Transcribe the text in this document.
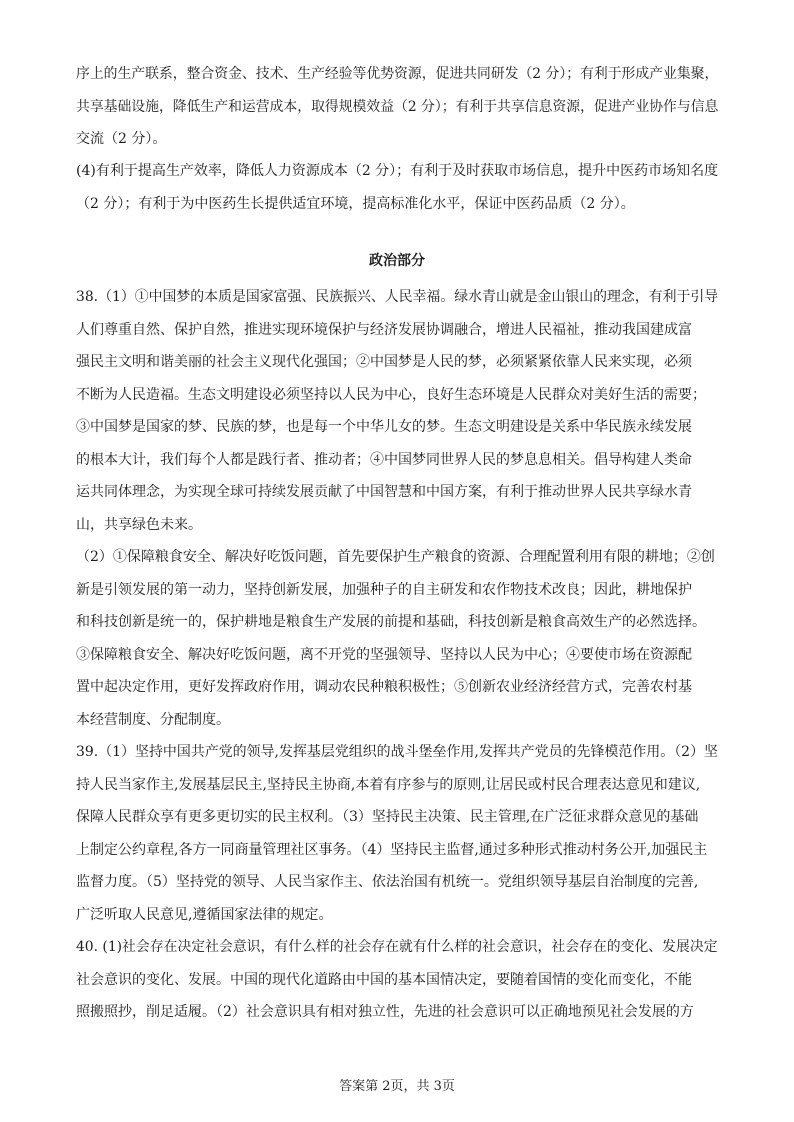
序上的生产联系，整合资金、技术、生产经验等优势资源，促进共同研发（2 分）；有利于形成产业集聚，
共享基础设施，降低生产和运营成本，取得规模效益（2 分）；有利于共享信息资源，促进产业协作与信息
交流（2 分）。
(4)有利于提高生产效率，降低人力资源成本（2 分）；有利于及时获取市场信息，提升中医药市场知名度
（2 分）；有利于为中医药生长提供适宜环境，提高标准化水平，保证中医药品质（2 分）。
政治部分
38.（1）①中国梦的本质是国家富强、民族振兴、人民幸福。绿水青山就是金山银山的理念，有利于引导
人们尊重自然、保护自然，推进实现环境保护与经济发展协调融合，增进人民福祉，推动我国建成富
强民主文明和谐美丽的社会主义现代化强国；②中国梦是人民的梦，必须紧紧依靠人民来实现，必须
不断为人民造福。生态文明建设必须坚持以人民为中心，良好生态环境是人民群众对美好生活的需要；
③中国梦是国家的梦、民族的梦，也是每一个中华儿女的梦。生态文明建设是关系中华民族永续发展
的根本大计，我们每个人都是践行者、推动者；④中国梦同世界人民的梦息息相关。倡导构建人类命
运共同体理念，为实现全球可持续发展贡献了中国智慧和中国方案，有利于推动世界人民共享绿水青
山，共享绿色未来。
（2）①保障粮食安全、解决好吃饭问题，首先要保护生产粮食的资源、合理配置利用有限的耕地；②创
新是引领发展的第一动力，坚持创新发展，加强种子的自主研发和农作物技术改良；因此，耕地保护
和科技创新是统一的，保护耕地是粮食生产发展的前提和基础，科技创新是粮食高效生产的必然选择。
③保障粮食安全、解决好吃饭问题，离不开党的坚强领导、坚持以人民为中心；④要使市场在资源配
置中起决定作用，更好发挥政府作用，调动农民种粮积极性；⑤创新农业经济经营方式，完善农村基
本经营制度、分配制度。
39.（1）坚持中国共产党的领导,发挥基层党组织的战斗堡垒作用,发挥共产党员的先锋模范作用。（2）坚
持人民当家作主,发展基层民主,坚持民主协商,本着有序参与的原则,让居民或村民合理表达意见和建议,
保障人民群众享有更多更切实的民主权利。（3）坚持民主决策、民主管理,在广泛征求群众意见的基础
上制定公约章程,各方一同商量管理社区事务。（4）坚持民主监督,通过多种形式推动村务公开,加强民主
监督力度。（5）坚持党的领导、人民当家作主、依法治国有机统一。党组织领导基层自治制度的完善,
广泛听取人民意见,遵循国家法律的规定。
40. (1)社会存在决定社会意识，有什么样的社会存在就有什么样的社会意识，社会存在的变化、发展决定
社会意识的变化、发展。中国的现代化道路由中国的基本国情决定，要随着国情的变化而变化，不能
照搬照抄，削足适履。（2）社会意识具有相对独立性，先进的社会意识可以正确地预见社会发展的方
答案第 2页，共 3页
